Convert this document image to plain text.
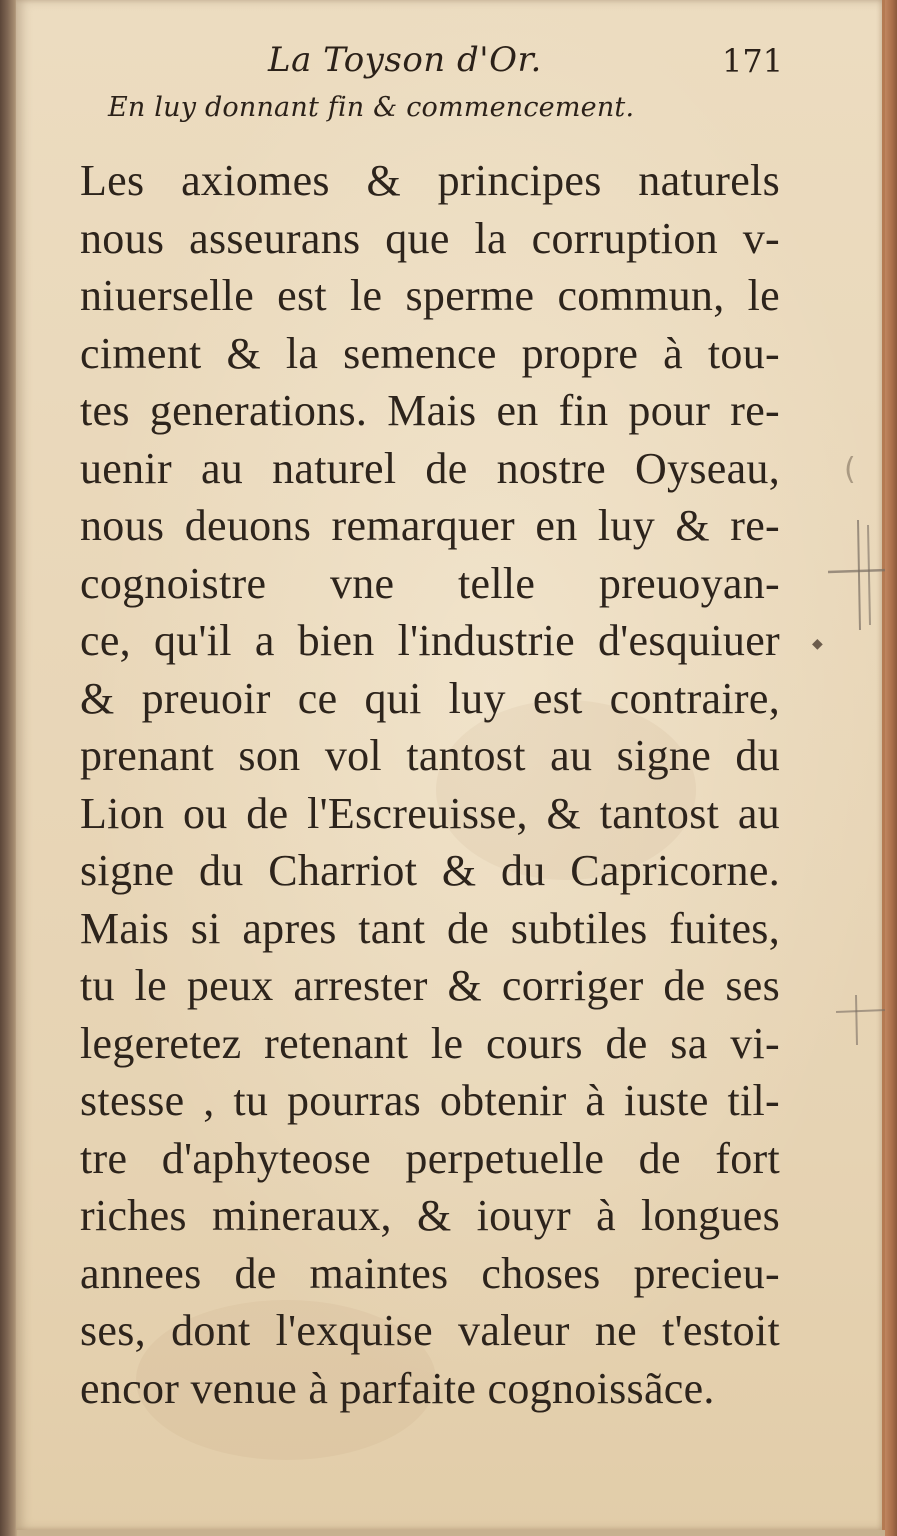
La Toyson d'Or.	171
En luy donnant fin & commencement.
Les axiomes & principes naturels
nous asseurans que la corruption v-
niuerselle est le sperme commun, le
ciment & la semence propre à tou-
tes generations. Mais en fin pour re-
uenir au naturel de nostre Oyseau,
nous deuons remarquer en luy & re-
cognoistre vne telle preuoyan-
ce, qu'il a bien l'industrie d'esquiuer
& preuoir ce qui luy est contraire,
prenant son vol tantost au signe du
Lion ou de l'Escreuisse, & tantost au
signe du Charriot & du Capricorne.
Mais si apres tant de subtiles fuites,
tu le peux arrester & corriger de ses
legeretez retenant le cours de sa vi-
stesse , tu pourras obtenir à iuste til-
tre d'aphyteose perpetuelle de fort
riches mineraux, & iouyr à longues
annees de maintes choses precieu-
ses, dont l'exquise valeur ne t'estoit
encor venue à parfaite cognoissãce.
◆
(
